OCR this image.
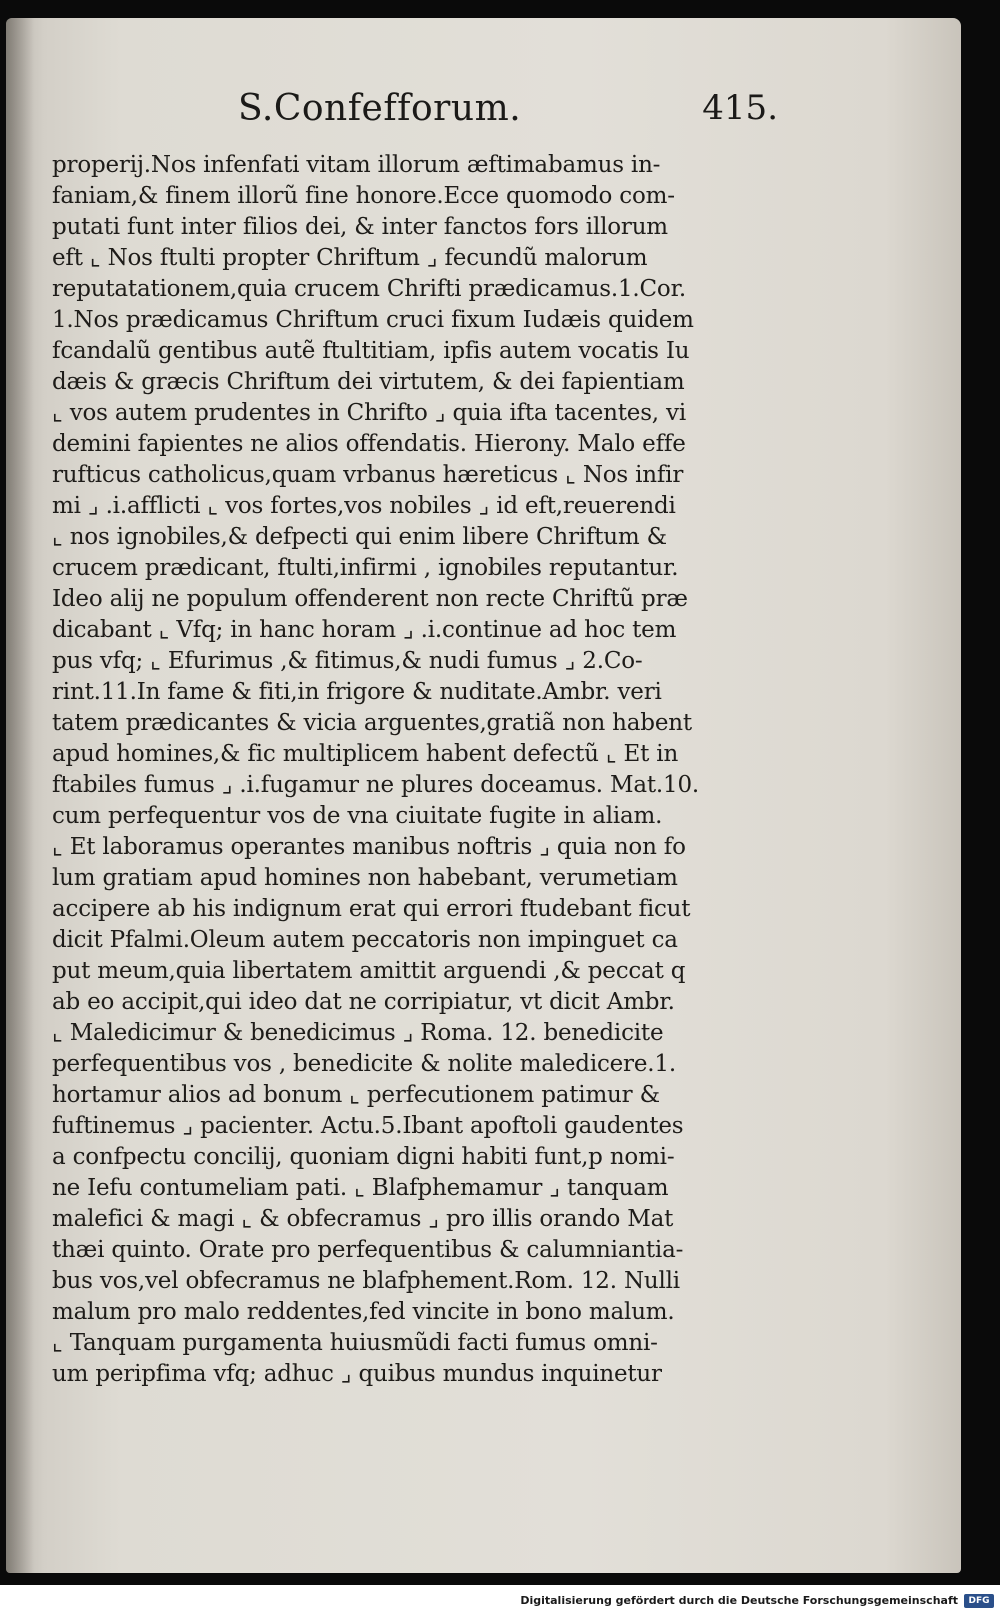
S.Confefforum.	415.
properij.Nos infenfati vitam illorum æftimabamus in-
faniam,& finem illorũ fine honore.Ecce quomodo com-
putati funt inter filios dei, & inter fanctos fors illorum
eft ⌞ Nos ftulti propter Chriftum ⌟ fecundũ malorum
reputatationem,quia crucem Chrifti prædicamus.1.Cor.
1.Nos prædicamus Chriftum cruci fixum Iudæis quidem
fcandalũ gentibus autẽ ftultitiam, ipfis autem vocatis Iu
dæis & græcis Chriftum dei virtutem, & dei fapientiam
⌞ vos autem prudentes in Chrifto ⌟ quia ifta tacentes, vi
demini fapientes ne alios offendatis. Hierony. Malo effe
rufticus catholicus,quam vrbanus hæreticus ⌞ Nos infir
mi ⌟ .i.afflicti ⌞ vos fortes,vos nobiles ⌟ id eft,reuerendi
⌞ nos ignobiles,& defpecti qui enim libere Chriftum &
crucem prædicant, ftulti,infirmi , ignobiles reputantur.
Ideo alij ne populum offenderent non recte Chriftũ præ
dicabant ⌞ Vfq; in hanc horam ⌟ .i.continue ad hoc tem
pus vfq; ⌞ Efurimus ,& fitimus,& nudi fumus ⌟ 2.Co-
rint.11.In fame & fiti,in frigore & nuditate.Ambr. veri
tatem prædicantes & vicia arguentes,gratiã non habent
apud homines,& fic multiplicem habent defectũ ⌞ Et in
ftabiles fumus ⌟ .i.fugamur ne plures doceamus. Mat.10.
cum perfequentur vos de vna ciuitate fugite in aliam.
⌞ Et laboramus operantes manibus noftris ⌟ quia non fo
lum gratiam apud homines non habebant, verumetiam
accipere ab his indignum erat qui errori ftudebant ficut
dicit Pfalmi.Oleum autem peccatoris non impinguet ca
put meum,quia libertatem amittit arguendi ,& peccat q
ab eo accipit,qui ideo dat ne corripiatur, vt dicit Ambr.
⌞ Maledicimur & benedicimus ⌟ Roma. 12. benedicite
perfequentibus vos , benedicite & nolite maledicere.1.
hortamur alios ad bonum ⌞ perfecutionem patimur &
fuftinemus ⌟ pacienter. Actu.5.Ibant apoftoli gaudentes
a confpectu concilij, quoniam digni habiti funt,p nomi-
ne Iefu contumeliam pati. ⌞ Blafphemamur ⌟ tanquam
malefici & magi ⌞ & obfecramus ⌟ pro illis orando Mat
thæi quinto. Orate pro perfequentibus & calumniantia-
bus vos,vel obfecramus ne blafphement.Rom. 12. Nulli
malum pro malo reddentes,fed vincite in bono malum.
⌞ Tanquam purgamenta huiusmũdi facti fumus omni-
um peripfima vfq; adhuc ⌟ quibus mundus inquinetur
Digitalisierung gefördert durch die Deutsche Forschungsgemeinschaft	DFG
